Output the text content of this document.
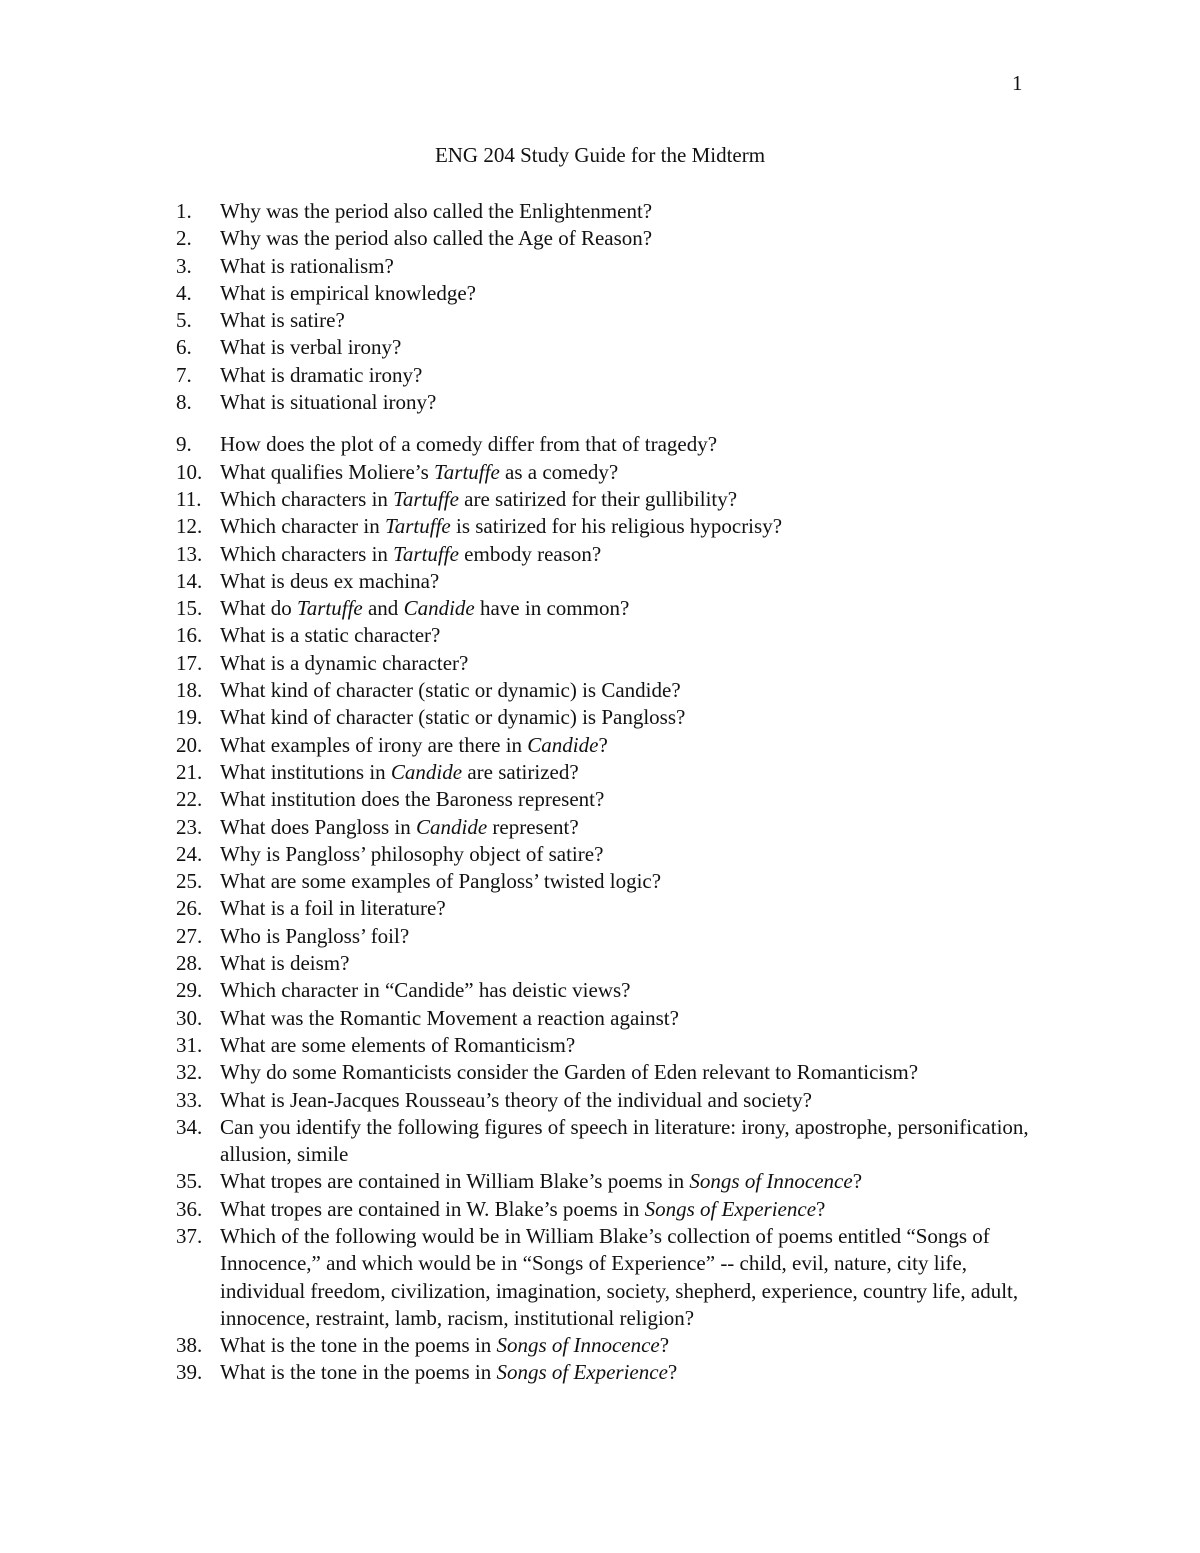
1
ENG 204 Study Guide for the Midterm
1. Why was the period also called the Enlightenment?
2. Why was the period also called the Age of Reason?
3. What is rationalism?
4. What is empirical knowledge?
5. What is satire?
6. What is verbal irony?
7. What is dramatic irony?
8. What is situational irony?
9. How does the plot of a comedy differ from that of tragedy?
10. What qualifies Moliere’s Tartuffe as a comedy?
11. Which characters in Tartuffe are satirized for their gullibility?
12. Which character in Tartuffe is satirized for his religious hypocrisy?
13. Which characters in Tartuffe embody reason?
14. What is deus ex machina?
15. What do Tartuffe and Candide have in common?
16. What is a static character?
17. What is a dynamic character?
18. What kind of character (static or dynamic) is Candide?
19. What kind of character (static or dynamic) is Pangloss?
20. What examples of irony are there in Candide?
21. What institutions in Candide are satirized?
22. What institution does the Baroness represent?
23. What does Pangloss in Candide represent?
24. Why is Pangloss’ philosophy object of satire?
25. What are some examples of Pangloss’ twisted logic?
26. What is a foil in literature?
27. Who is Pangloss’ foil?
28. What is deism?
29. Which character in “Candide” has deistic views?
30. What was the Romantic Movement a reaction against?
31. What are some elements of Romanticism?
32. Why do some Romanticists consider the Garden of Eden relevant to Romanticism?
33. What is Jean-Jacques Rousseau’s theory of the individual and society?
34. Can you identify the following figures of speech in literature: irony, apostrophe, personification, allusion, simile
35. What tropes are contained in William Blake’s poems in Songs of Innocence?
36. What tropes are contained in W. Blake’s poems in Songs of Experience?
37. Which of the following would be in William Blake’s collection of poems entitled “Songs of Innocence,” and which would be in “Songs of Experience” -- child, evil, nature, city life, individual freedom, civilization, imagination, society, shepherd, experience, country life, adult, innocence, restraint, lamb, racism, institutional religion?
38. What is the tone in the poems in Songs of Innocence?
39. What is the tone in the poems in Songs of Experience?
